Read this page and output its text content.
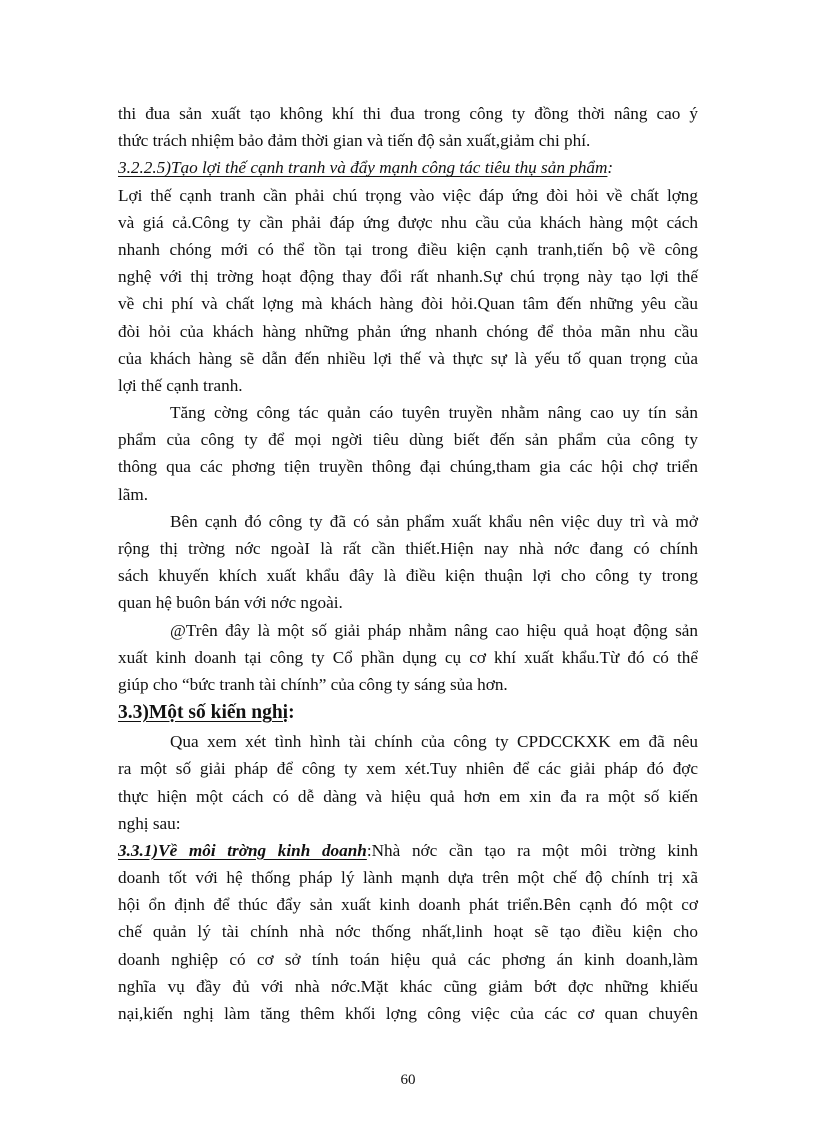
thi đua sản xuất tạo không khí thi đua trong công ty đồng thời nâng cao ý

thức trách nhiệm bảo đảm thời gian và tiến độ sản xuất,giảm chi phí.

3.2.2.5)Tạo lợi thế cạnh tranh và đẩy mạnh công tác tiêu thụ sản phẩm:

Lợi thế cạnh tranh cần phải chú trọng vào việc đáp ứng đòi hỏi về chất lợng

và giá cả.Công ty cần phải đáp ứng được nhu cầu của khách hàng một cách

nhanh chóng mới có thể tồn tại trong điều kiện cạnh tranh,tiến bộ về công

nghệ với thị trờng hoạt động thay đổi rất nhanh.Sự chú trọng này tạo lợi thế

về chi phí và chất lợng mà khách hàng đòi hỏi.Quan tâm đến những yêu cầu

đòi hỏi của khách hàng những phản ứng nhanh chóng để thỏa mãn nhu cầu

của khách hàng sẽ dẫn đến nhiều lợi thế và thực sự là yếu tố quan trọng của

lợi thế cạnh tranh.

Tăng cờng công tác quản cáo tuyên truyền nhằm nâng cao uy tín sản

phẩm của công ty để mọi ngời tiêu dùng biết đến sản phẩm của công ty

thông qua các phơng tiện truyền thông đại chúng,tham gia các hội chợ triển

lãm.

Bên cạnh đó công ty đã có sản phẩm xuất khẩu nên việc duy trì và mở

rộng thị trờng nớc ngoàI là rất cần thiết.Hiện nay nhà nớc đang có chính

sách khuyến khích xuất khẩu đây là điều kiện thuận lợi cho công ty trong

quan hệ buôn bán với nớc ngoài.

@Trên đây là một số giải pháp nhằm nâng cao hiệu quả hoạt động sản

xuất kinh doanh tại công ty Cổ phần dụng cụ cơ khí xuất khẩu.Từ đó có thể

giúp cho “bức tranh tài chính” của công ty sáng sủa hơn.

3.3)Một số kiến nghị:

Qua xem xét tình hình tài chính của công ty CPDCCKXK em đã nêu

ra một số giải pháp để công ty xem xét.Tuy nhiên để các giải pháp đó đợc

thực hiện một cách có dễ dàng và hiệu quả hơn em xin đa ra một số kiến

nghị sau:

3.3.1)Về môi trờng kinh doanh:Nhà nớc cần tạo ra một môi trờng kinh

doanh tốt với hệ thống pháp lý lành mạnh dựa trên một chế độ chính trị xã

hội ổn định để thúc đẩy sản xuất kinh doanh phát triển.Bên cạnh đó một cơ

chế quản lý tài chính nhà nớc thống nhất,linh hoạt sẽ tạo điều kiện cho

doanh nghiệp có cơ sở tính toán hiệu quả các phơng án kinh doanh,làm

nghĩa vụ đầy đủ với nhà nớc.Mặt khác cũng giảm bớt đợc những khiếu

nại,kiến nghị làm tăng thêm khối lợng công việc của các cơ quan chuyên

60
